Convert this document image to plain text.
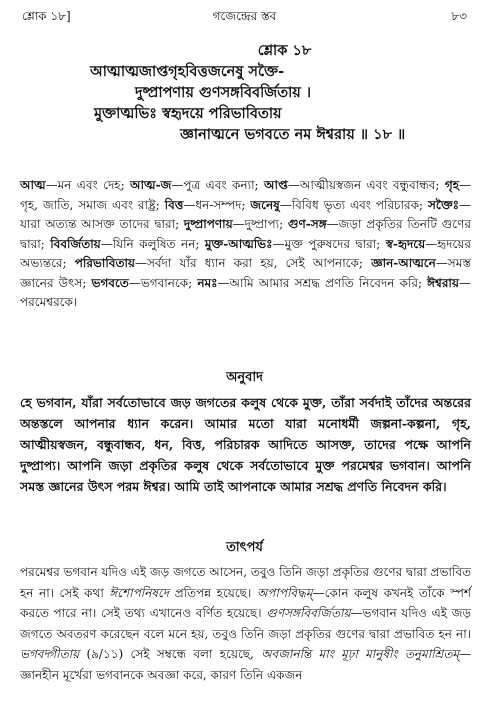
শ্লোক ১৮]	গজেন্দ্রের স্তব	৮৩
শ্লোক ১৮
আত্মাত্মজাপ্তগৃহবিত্তজনেষু সক্তৈ-
দুষ্প্রাপণায় গুণসঙ্গবিবর্জিতায় ।
মুক্তাত্মভিঃ স্বহৃদয়ে পরিভাবিতায়
জ্ঞানাত্মনে ভগবতে নম ঈশ্বরায় ॥ ১৮ ॥
আত্ম—মন এবং দেহ; আত্ম-জ—পুত্র এবং কন্যা; আপ্ত—আত্মীয়স্বজন এবং বন্ধুবান্ধব; গৃহ—গৃহ, জাতি, সমাজ এবং রাষ্ট্র; বিত্ত—ধন-সম্পদ; জনেষু—বিবিধ ভৃত্য এবং পরিচারক; সক্তৈঃ—যারা অত্যন্ত আসক্ত তাদের দ্বারা; দুষ্প্রাপণায়—দুষ্প্রাপ্য; গুণ-সঙ্গ—জড়া প্রকৃতির তিনটি গুণের দ্বারা; বিবর্জিতায়—যিনি কলুষিত নন; মুক্ত-আত্মভিঃ—মুক্ত পুরুষদের দ্বারা; স্ব-হৃদয়ে—হৃদয়ের অভ্যন্তরে; পরিভাবিতায়—সর্বদা যাঁর ধ্যান করা হয়, সেই আপনাকে; জ্ঞান-আত্মনে—সমস্ত জ্ঞানের উৎস; ভগবতে—ভগবানকে; নমঃ—আমি আমার সশ্রদ্ধ প্রণতি নিবেদন করি; ঈশ্বরায়—পরমেশ্বরকে।
অনুবাদ
হে ভগবান, যাঁরা সর্বতোভাবে জড় জগতের কলুষ থেকে মুক্ত, তাঁরা সর্বদাই তাঁদের অন্তরের অন্তস্তলে আপনার ধ্যান করেন। আমার মতো যারা মনোধর্মী জল্পনা-কল্পনা, গৃহ, আত্মীয়স্বজন, বন্ধুবান্ধব, ধন, বিত্ত, পরিচারক আদিতে আসক্ত, তাদের পক্ষে আপনি দুষ্প্রাপ্য। আপনি জড়া প্রকৃতির কলুষ থেকে সর্বতোভাবে মুক্ত পরমেশ্বর ভগবান। আপনি সমস্ত জ্ঞানের উৎস পরম ঈশ্বর। আমি তাই আপনাকে আমার সশ্রদ্ধ প্রণতি নিবেদন করি।
তাৎপর্য
পরমেশ্বর ভগবান যদিও এই জড় জগতে আসেন, তবুও তিনি জড়া প্রকৃতির গুণের দ্বারা প্রভাবিত হন না। সেই কথা ঈশোপনিষদে প্রতিপন্ন হয়েছে। অপাপবিদ্ধম্—কোন কলুষ কখনই তাঁকে স্পর্শ করতে পারে না। সেই তথ্য এখানেও বর্ণিত হয়েছে। গুণসঙ্গবিবর্জিতায়—ভগবান যদিও এই জড় জগতে অবতরণ করেছেন বলে মনে হয়, তবুও তিনি জড়া প্রকৃতির গুণের দ্বারা প্রভাবিত হন না। ভগবদ্গীতায় (৯/১১) সেই সম্বন্ধে বলা হয়েছে, অবজানন্তি মাং মূঢ়া মানুষীং তনুমাশ্রিতম্—জ্ঞানহীন মূর্খেরা ভগবানকে অবজ্ঞা করে, কারণ তিনি একজন
